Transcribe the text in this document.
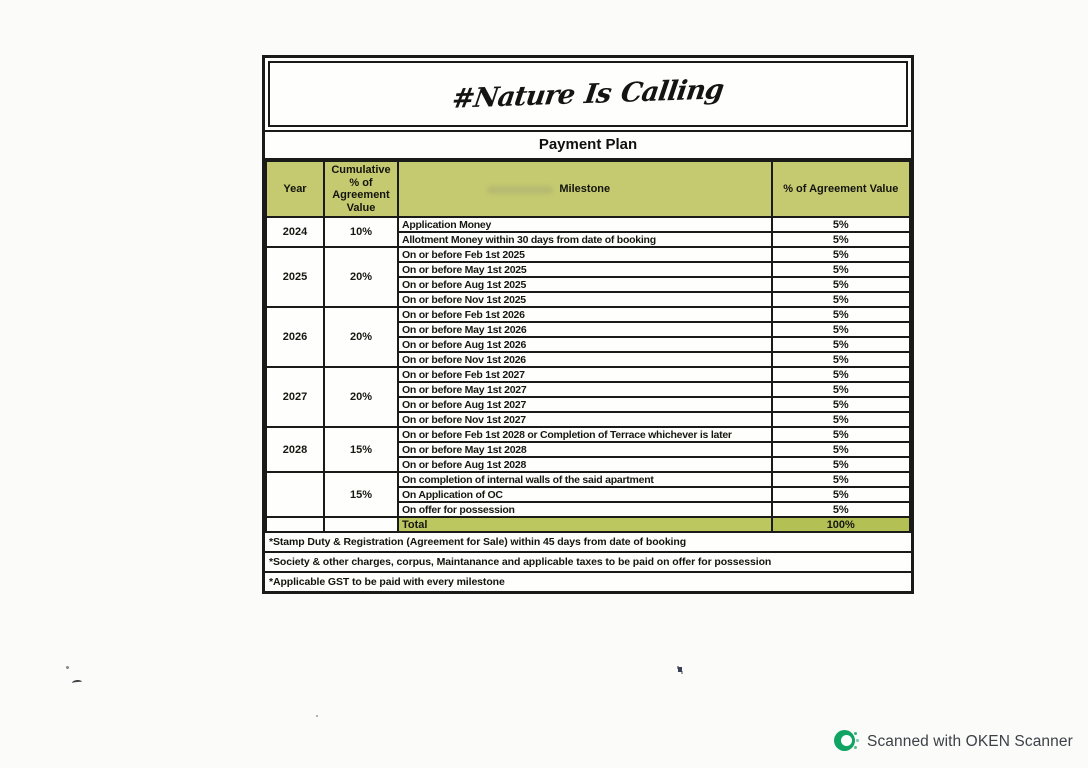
#Nature Is Calling
Payment Plan
Year	Cumulative % of Agreement Value	Milestone	% of Agreement Value
2024	10%	Application Money	5%
		Allotment Money within 30 days from date of booking	5%
2025	20%	On or before Feb 1st 2025	5%
		On or before May 1st 2025	5%
		On or before Aug 1st 2025	5%
		On or before Nov 1st 2025	5%
2026	20%	On or before Feb 1st 2026	5%
		On or before May 1st 2026	5%
		On or before Aug 1st 2026	5%
		On or before Nov 1st 2026	5%
2027	20%	On or before Feb 1st 2027	5%
		On or before May 1st 2027	5%
		On or before Aug 1st 2027	5%
		On or before Nov 1st 2027	5%
2028	15%	On or before Feb 1st 2028 or Completion of Terrace whichever is later	5%
		On or before May 1st 2028	5%
		On or before Aug 1st 2028	5%
	15%	On completion of internal walls of the said apartment	5%
		On Application of OC	5%
		On offer for possession	5%
		Total	100%
*Stamp Duty & Registration (Agreement for Sale) within 45 days from date of booking
*Society & other charges, corpus, Maintanance and applicable taxes to be paid on offer for possession
*Applicable GST to be paid with every milestone
Scanned with OKEN Scanner
